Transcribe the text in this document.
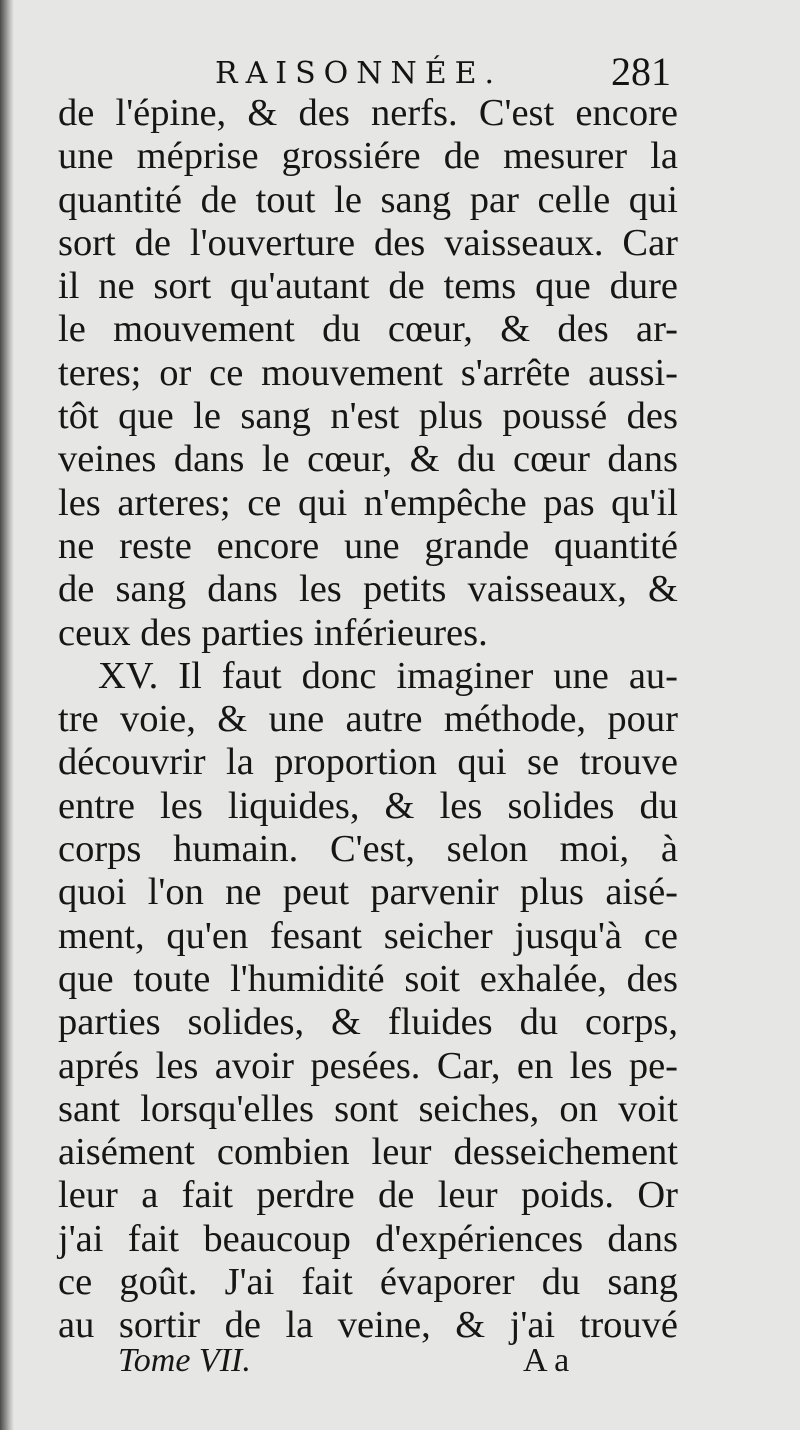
RAISONNÉE.	281
de l'épine, & des nerfs. C'est encore
une méprise grossiére de mesurer la
quantité de tout le sang par celle qui
sort de l'ouverture des vaisseaux. Car
il ne sort qu'autant de tems que dure
le mouvement du cœur, & des ar-
teres; or ce mouvement s'arrête aussi-
tôt que le sang n'est plus poussé des
veines dans le cœur, & du cœur dans
les arteres; ce qui n'empêche pas qu'il
ne reste encore une grande quantité
de sang dans les petits vaisseaux, &
ceux des parties inférieures.
XV. Il faut donc imaginer une au-
tre voie, & une autre méthode, pour
découvrir la proportion qui se trouve
entre les liquides, & les solides du
corps humain. C'est, selon moi, à
quoi l'on ne peut parvenir plus aisé-
ment, qu'en fesant seicher jusqu'à ce
que toute l'humidité soit exhalée, des
parties solides, & fluides du corps,
aprés les avoir pesées. Car, en les pe-
sant lorsqu'elles sont seiches, on voit
aisément combien leur desseichement
leur a fait perdre de leur poids. Or
j'ai fait beaucoup d'expériences dans
ce goût. J'ai fait évaporer du sang
au sortir de la veine, & j'ai trouvé
Tome VII.	A a
